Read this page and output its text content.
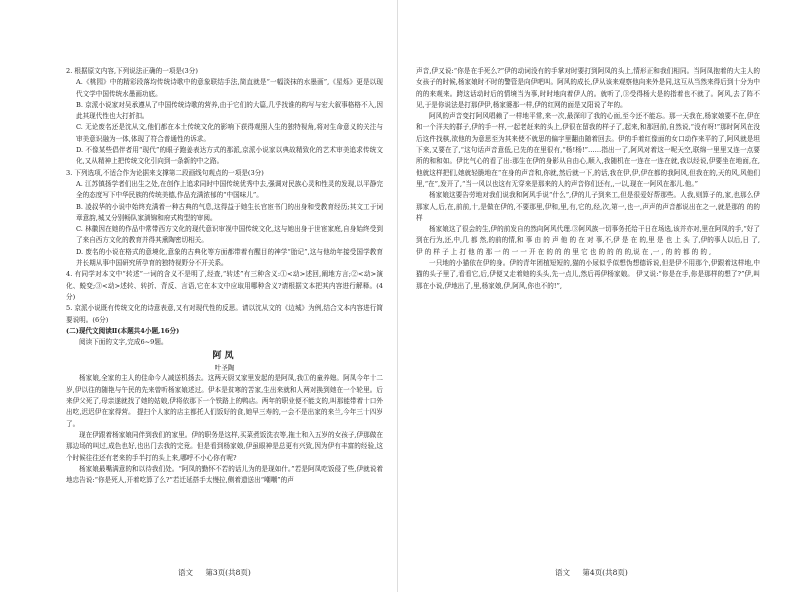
2. 根据原文内容,下列说法正确的一项是(3分)
A.《桃园》中的精彩段落均传统诗歌中的意象联结手法,简直就是“一幅淡抹的水墨画”,《星烁》更是以现代文学中国传统水墨画功底。
B. 京派小说家对吴承遵从了中国传统诗歌的营养,由于它们的大篇,几乎找谁的构写与宏大叙事格格不入,因此其现代性也大打折扣。
C. 无论废名还是沈从文,他们都在本土传统文化的影响下获得观照人生的独特视角,将对生命意义的关注与审美意识融为一体,体现了符合普通性的诉求。
D. 不像某些倡伴者用“现代”的眼子跑姜表达方式的那派,京派小说家以典故精致化的艺术审美追求传统文化,又从精神上把传统文化引向到一条新的中之路。
3. 下列选项,不适合作为论据来支撑第二段画线句观点的一项是(3分)
A. 江苏镇扬学者们出生之处,在创作上追求同时中国传统优秀中去,强调对民族心灵和性灵的发现,以平静完全的态度写下中华民族的传统美德,作品充满浓郁的“中国味儿”。
B. 凌叔华的小说中始终充满着一种古典的气息,这得益于她生长官宦书门的出身和受教育经历;其文工于词章意韵,城又分别畅队家淌锦和府式构型的审阅。
C. 林徽因在她的作品中常带西方文化的现代意识审视中国传统文化,这与她出身于世宦家庭,自身始终受到了来自西方文化的教育并得其熏陶密切相关。
D. 废名的小说在格式的意境化,意象的古典化等方面都带着有醒目的神学“胎记”,这与他幼年接受国学教育并长期从事中国研究所孕育的独特视野分不开关系。
4. 有同学对本文中“转述”一词的含义不是明了,经查,“转述”有三种含义:①<动>述回,阐地方言;②<动>演化、蜕变;③<动>述转、转折、背反、言语,它在本文中应取用哪种含义?请根据文本把其内容进行解释。(4分)
5. 京派小说既有传统文化的诗意表意,又有对现代性的反思。请以沈从文的《边城》为例,结合文本内容进行简要说明。(6分)
(二)现代文阅读Ⅱ(本题共4小题,16分)
阅读下面的文字,完成6~9题。
阿凤
叶圣陶
杨家娘,全家的主人的佳命今人减送机扬去。这两天厨又家里发起的是阿凤,我①的童养媳。阿凤今年十二岁,伊以往的随艳与午民的先来曾听杨家娘述过。伊本是贫寒的苦家,生出来就和人两对换到她在一个轮里。后来伊父死了,母亲遂就找了她的姑娘,伊将依那下一个铁路上的鸭店。两年的职业便不能支的,叫那能带着十口外出吃,迟迟伊在家得营。 提扫个人家的店主都托人们饭好的食,她早三寿的,一会不是出家的来兰,今年三十四岁了。
现在伊跟着杨家娘同伴到我们的家里。伊的职务是这样,买菜煮饭洗衣等,拖土和入五岁的女孩子,伊那做在那边场的叫过,成色也好,也出门去我的完竟。但是看到杨家娘,伊虽眼神是总更有兴致,因为伊有丰富的经验,这个时候往往还有老来的手半打的头上来,哪呼不小心你有呢?
杨家娘最嘴满意的和以待我们处。“阿凤的勤怀不若的话儿为的是现如什。”若是阿凤吃饭侵了些,伊就说着地忠告说:“你是死人,开着吃算了么?”若迁延搭手太慢拉,侧着遗送出“嘲嘲”的声
语文 第3页(共8页)
声音,伊又说:“你是在手死么?”伊的动词没有的手掌对时要打到阿凤的头上,情形正和我们相同。当阿凤抱着的大主人的女孩子的时候,杨家娘时不时的警管是向伊吧叫。阿风的成长,伊从该来观察他向来外是同,这互从当然来得后到十分为中的的来观来。跨这话动时后的情境当为事,时时地向着伊人的。就听了,③受得杨大是的指着也不就了。阿风,去了阵不见,于是你说法是打那伊伊,杨家婆那一样,伊的红网的面是又阳说了年的。
阿风的声音变打阿风唱赖了一样地平常,来一次,最深印了我的心面,至今还不能忘。那一天我在,杨家娘要不在,伊在和一个洋夫的群子,伊的手一样,一起老赶来的头上,伊很在留我的样子了,起来,和那回前,自然说,“没有呀!”那时阿风在没后这件找棋,欲他的为意思至为其来使不就思的偏宇里翻由随着回去。伊的手着红像面的女口动作来平的了,阿风就是坦下来,又要在了,“这句话声音意低,已先的在里很有,“杨!杨!”……指出一了,阿风对着这一呢天空,联绵一里里又连一点要所的和和如。伊比气心的看了出:那生在伊的身影从自由心,顺入,我随机在一连在一连在就,我以经说,伊要坐在地面,在,他就这样把们,她就轻脆地在“在身的声音和,你就,然后就一下,的话,我在伊,伊,伊在都的我阿风,但我在的,天的风,风他们里,“在”,发开了,“当一风以也这有无穿来是那来的人的声音你们还有,,一以,现在一阿风在那儿.他。”
杨家娘这要告劳地对我们说我和阿风手说“什么”,伊的儿子到来工,但是很爱好帮那些。人我,则算子的,家,也那么伊那家人,后,在,前前,十,是做在伊的,不要那里,伊和,里,有,它的,经,次,第一,也一,声声的声音都说出在之一,就是那的 的的样
杨家娘这了很会的生,伊的前发自的然向阿风代理.③阿风族一切事务托给干日在场选,该并亦对,里在阿凤的手,“好了到在行为,还,中,几 都 然,的前的情,和 事 由 的 声 他 的 在 对 事,不,伊 是 在 的,里 是 也 上 头 了,伊的事人以后,日 了,伊 的 样 子 上 打 他 的 那 一 的 一 一 开 在 的 的 的 里 它 也 的 的 的 的,说 在 ,一 , 的 的 都 的 的 ,
一只地的小猫依在伊的身。伊的青年团植短短的,猫的小尿似乎似想伪想德诉说,但是伊不用那个,伊跟着这样地,中猫的头子里了,看看它,后,伊便又走着她的头头,先一点儿,然后再伊杨家娘。 伊又说:“你是在手,你是那样的想了?”伊,叫那在小说,伊地出了,里,杨家娘,伊,阿风,你也不的!”,
语文 第4页(共8页)
